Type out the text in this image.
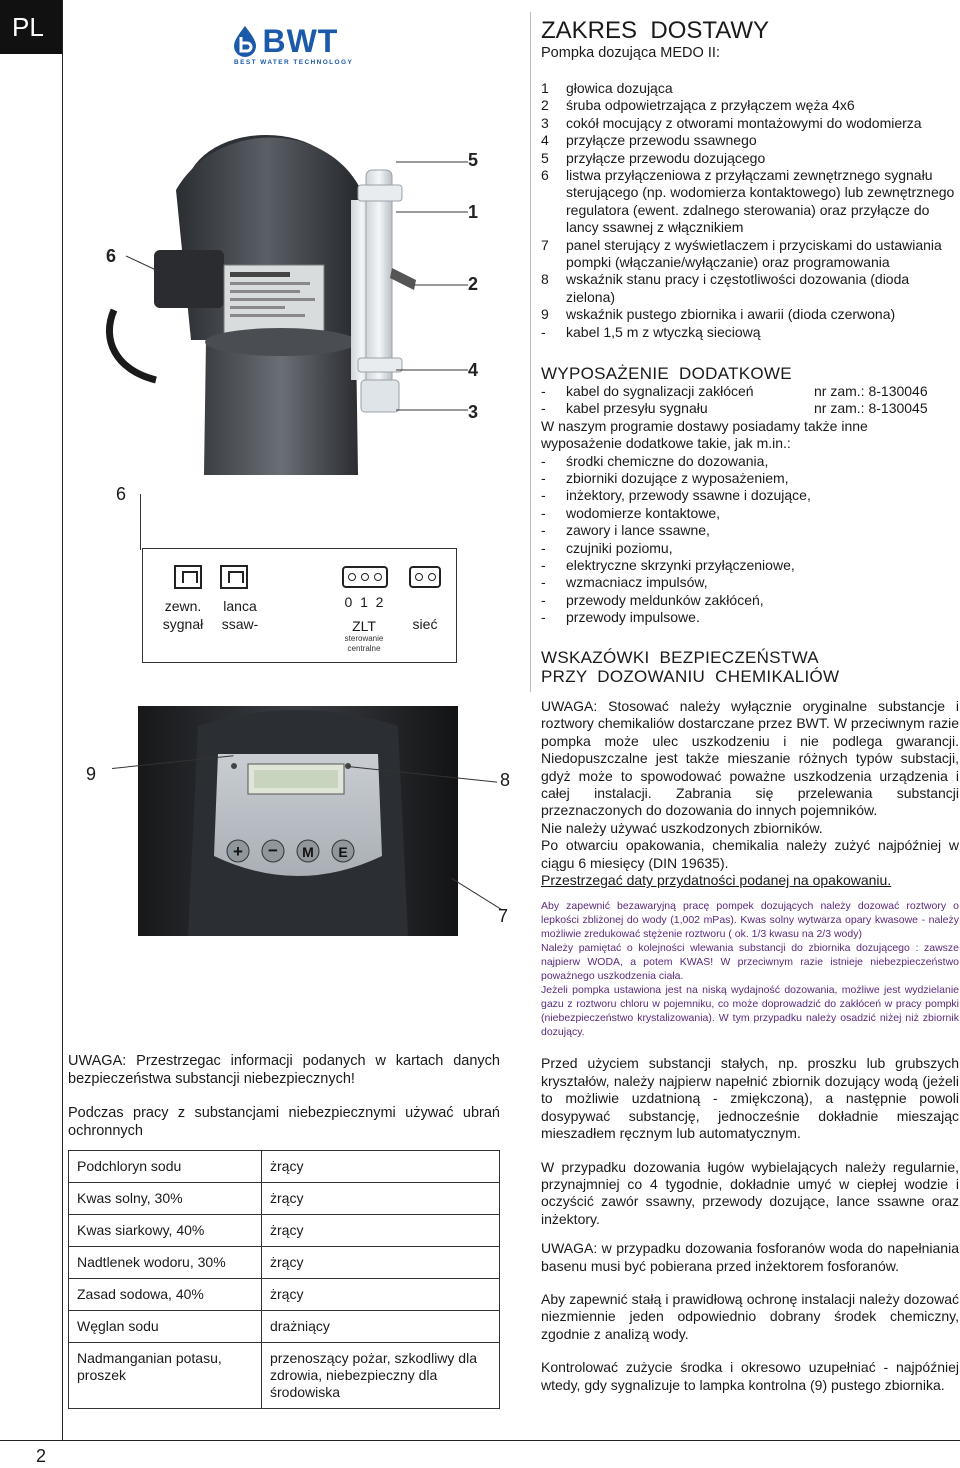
PL
2
BWT
BEST WATER TECHNOLOGY
5
1
2
4
3
6
6
zewn.
sygnał
lanca
ssaw-
0  1  2
ZLT
sterowanie
centralne
sieć
+ − M E
9	8
7
UWAGA: Przestrzegac informacji podanych w kartach danych bezpieczeństwa substancji niebezpiecznych!
Podczas pracy z substancjami niebezpiecznymi używać ubrań ochronnych
Podchloryn sodu	żrący
Kwas solny, 30%	żrący
Kwas siarkowy, 40%	żrący
Nadtlenek wodoru, 30%	żrący
Zasad sodowa, 40%	żrący
Węglan sodu	drażniący
Nadmanganian potasu, proszek	przenoszący pożar, szkodliwy dla zdrowia, niebezpieczny dla środowiska
ZAKRES  DOSTAWY
Pompka dozująca MEDO II:
1	głowica dozująca
2	śruba odpowietrzająca z przyłączem węża 4x6
3	cokół mocujący z otworami montażowymi do wodomierza
4	przyłącze przewodu ssawnego
5	przyłącze przewodu dozującego
6	listwa przyłączeniowa z przyłączami zewnętrznego sygnału sterującego (np. wodomierza kontaktowego) lub zewnętrznego regulatora (ewent. zdalnego sterowania) oraz przyłącze do lancy ssawnej z włącznikiem
7	panel sterujący z wyświetlaczem i przyciskami do ustawiania pompki (włączanie/wyłączanie) oraz programowania
8	wskaźnik stanu pracy i częstotliwości dozowania (dioda zielona)
9	wskaźnik pustego zbiornika i awarii (dioda czerwona)
-	kabel 1,5 m z wtyczką sieciową
WYPOSAŻENIE  DODATKOWE
-	kabel do sygnalizacji zakłóceń	nr zam.: 8-130046
-	kabel przesyłu sygnału	nr zam.: 8-130045
W naszym programie dostawy posiadamy także inne wyposażenie dodatkowe takie, jak m.in.:
-	środki chemiczne do dozowania,
-	zbiorniki dozujące z wyposażeniem,
-	inżektory, przewody ssawne i dozujące,
-	wodomierze kontaktowe,
-	zawory i lance ssawne,
-	czujniki poziomu,
-	elektryczne skrzynki przyłączeniowe,
-	wzmacniacz impulsów,
-	przewody meldunków zakłóceń,
-	przewody impulsowe.
WSKAZÓWKI  BEZPIECZEŃSTWA
PRZY  DOZOWANIU  CHEMIKALIÓW
UWAGA: Stosować należy wyłącznie oryginalne substancje i roztwory chemikaliów dostarczane przez BWT. W przeciwnym razie pompka może ulec uszkodzeniu i nie podlega gwarancji. Niedopuszczalne jest także mieszanie różnych typów substacji, gdyż może to spowodować poważne uszkodzenia urządzenia i całej instalacji. Zabrania się przelewania substancji przeznaczonych do dozowania do innych pojemników.
Nie należy używać uszkodzonych zbiorników.
Po otwarciu opakowania, chemikalia należy zużyć najpóźniej w ciągu 6 miesięcy (DIN 19635).
Przestrzegać daty przydatności podanej na opakowaniu.
Aby zapewnić bezawaryjną pracę pompek dozujących należy dozować roztwory o lepkości zbliżonej do wody (1,002 mPas). Kwas solny wytwarza opary kwasowe - należy możliwie zredukować stężenie roztworu ( ok. 1/3 kwasu na 2/3 wody)
Należy pamiętać o kolejności wlewania substancji do zbiornika dozującego : zawsze najpierw WODA, a potem KWAS! W przeciwnym razie istnieje niebezpieczeństwo poważnego uszkodzenia ciała.
Jeżeli pompka ustawiona jest na niską wydajność dozowania, możliwe jest wydzielanie gazu z roztworu chloru w pojemniku, co może doprowadzić do zakłóceń w pracy pompki (niebezpieczeństwo krystalizowania). W tym przypadku należy osadzić niżej niż zbiornik dozujący.
Przed użyciem substancji stałych, np. proszku lub grubszych kryształów, należy najpierw napełnić zbiornik dozujący wodą (jeżeli to możliwie uzdatnioną - zmiękczoną), a następnie powoli dosypywać substancję, jednocześnie dokładnie mieszając mieszadłem ręcznym lub automatycznym.
W przypadku dozowania ługów wybielających należy regularnie, przynajmniej co 4 tygodnie, dokładnie umyć w ciepłej wodzie i oczyścić zawór ssawny, przewody dozujące, lance ssawne oraz inżektory.
UWAGA: w przypadku dozowania fosforanów woda do napełniania basenu musi być pobierana przed inżektorem fosforanów.
Aby zapewnić stałą i prawidłową ochronę instalacji należy dozować niezmiennie jeden odpowiednio dobrany środek chemiczny, zgodnie z analizą wody.
Kontrolować zużycie środka i okresowo uzupełniać - najpóźniej wtedy, gdy sygnalizuje to lampka kontrolna (9) pustego zbiornika.
